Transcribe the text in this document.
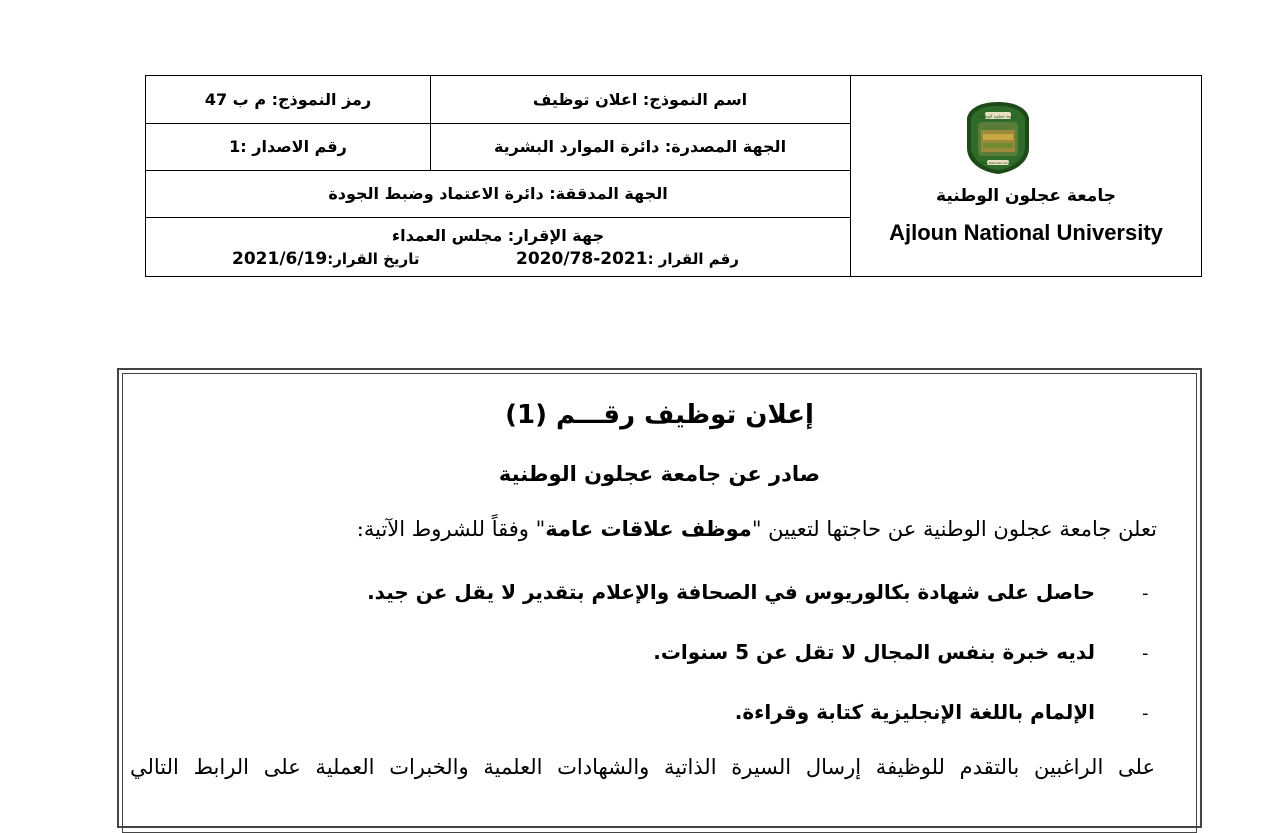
اسم النموذج: اعلان توظيف
رمز النموذج: م ب 47
الجهة المصدرة: دائرة الموارد البشرية
رقم الاصدار :1
الجهة المدققة: دائرة الاعتماد وضبط الجودة
جهة الإقرار: مجلس العمداء
رقم القرار :2021-2020/78
تاريخ القرار:2021/6/19
جامعة عجلون الوطنية
Ajloun National University
جامعة عجلون الوطنية
Ajloun National University
إعلان توظيف رقـــم (1)
صادر عن جامعة عجلون الوطنية
تعلن جامعة عجلون الوطنية عن حاجتها لتعيين "موظف علاقات عامة" وفقاً للشروط الآتية:
-
حاصل على شهادة بكالوريوس في الصحافة والإعلام بتقدير لا يقل عن جيد.
-
لديه خبرة بنفس المجال لا تقل عن 5 سنوات.
-
الإلمام باللغة الإنجليزية كتابة وقراءة.
على الراغبين بالتقدم للوظيفة إرسال السيرة الذاتية والشهادات العلمية والخبرات العملية على الرابط التالي
